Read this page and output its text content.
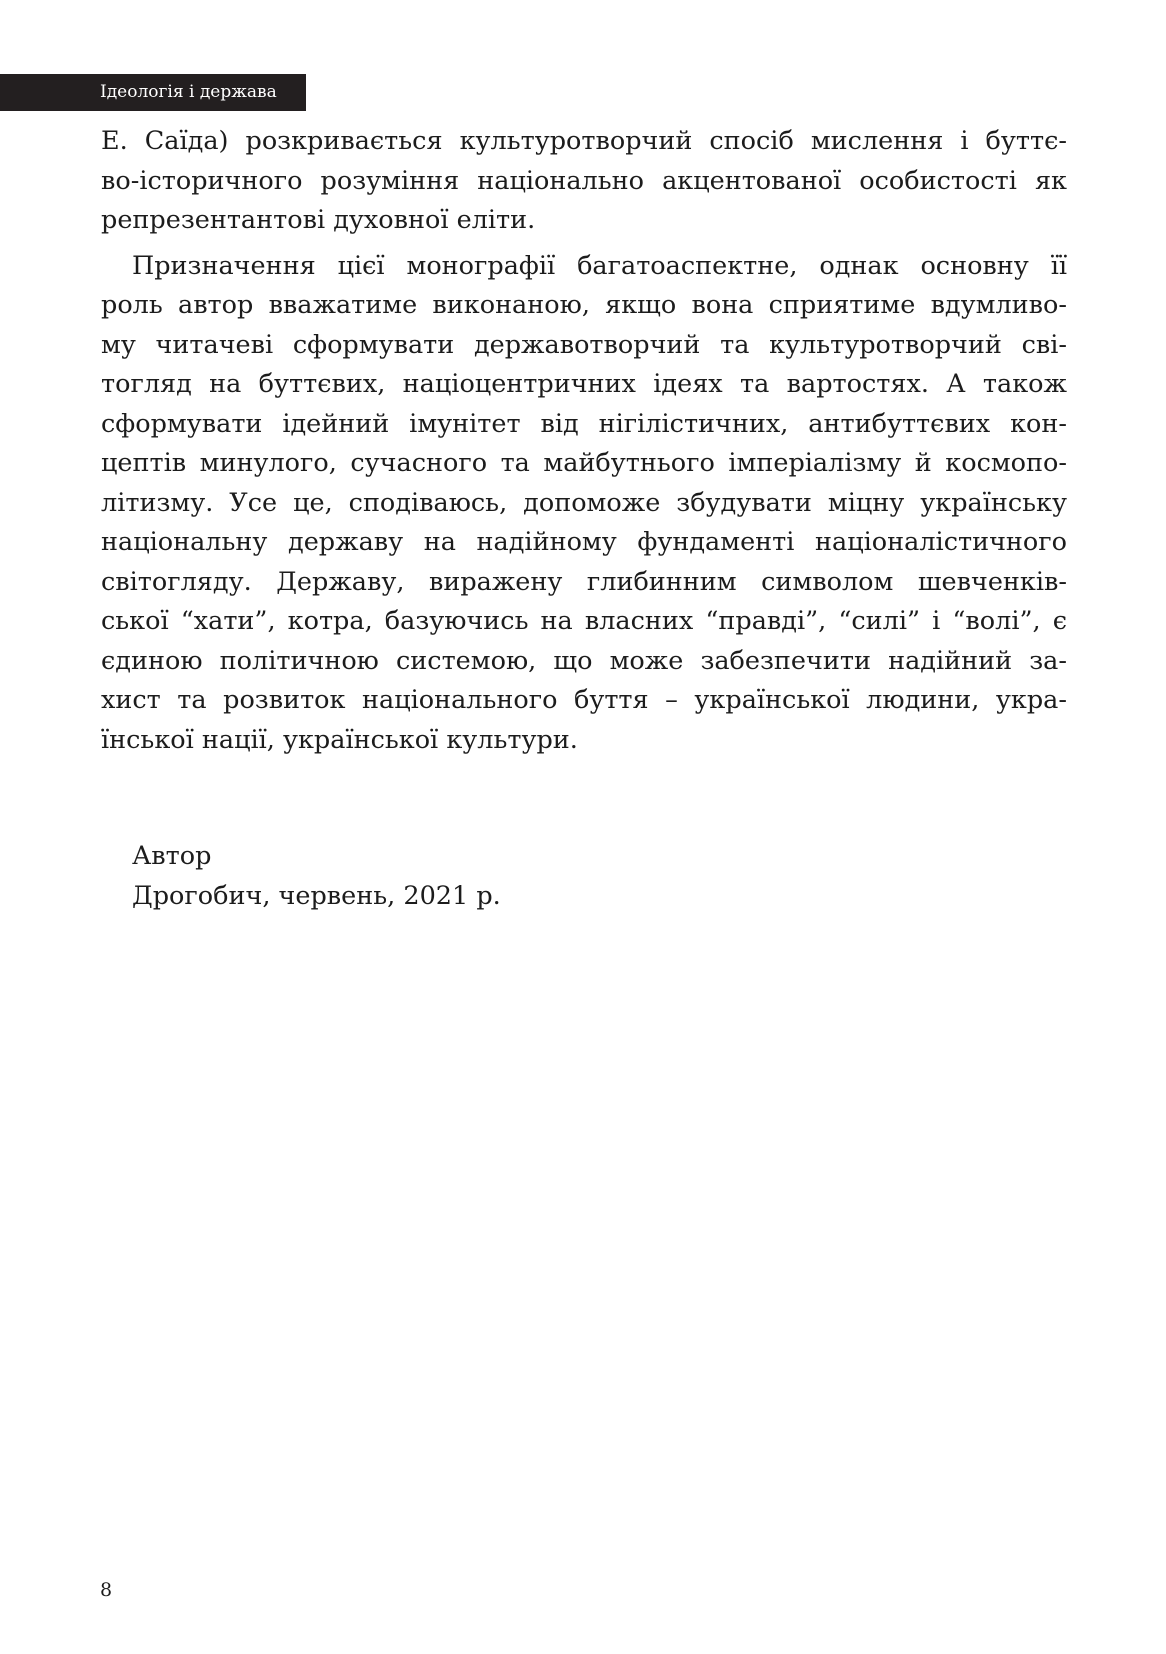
Ідеологія і держава

Е. Саїда) розкривається культуротворчий спосіб мислення і буттє-
во-історичного розуміння національно акцентованої особистості як
репрезентантові духовної еліти.

Призначення цієї монографії багатоаспектне, однак основну її
роль автор вважатиме виконаною, якщо вона сприятиме вдумливо-
му читачеві сформувати державотворчий та культуротворчий сві-
тогляд на буттєвих, націоцентричних ідеях та вартостях. А також
сформувати ідейний імунітет від нігілістичних, антибуттєвих кон-
цептів минулого, сучасного та майбутнього імперіалізму й космопо-
літизму. Усе це, сподіваюсь, допоможе збудувати міцну українську
національну державу на надійному фундаменті націоналістичного
світогляду. Державу, виражену глибинним символом шевченків-
ської “хати”, котра, базуючись на власних “правді”, “силі” і “волі”, є
єдиною політичною системою, що може забезпечити надійний за-
хист та розвиток національного буття – української людини, укра-
їнської нації, української культури.

Автор
Дрогобич, червень, 2021 р.
8
